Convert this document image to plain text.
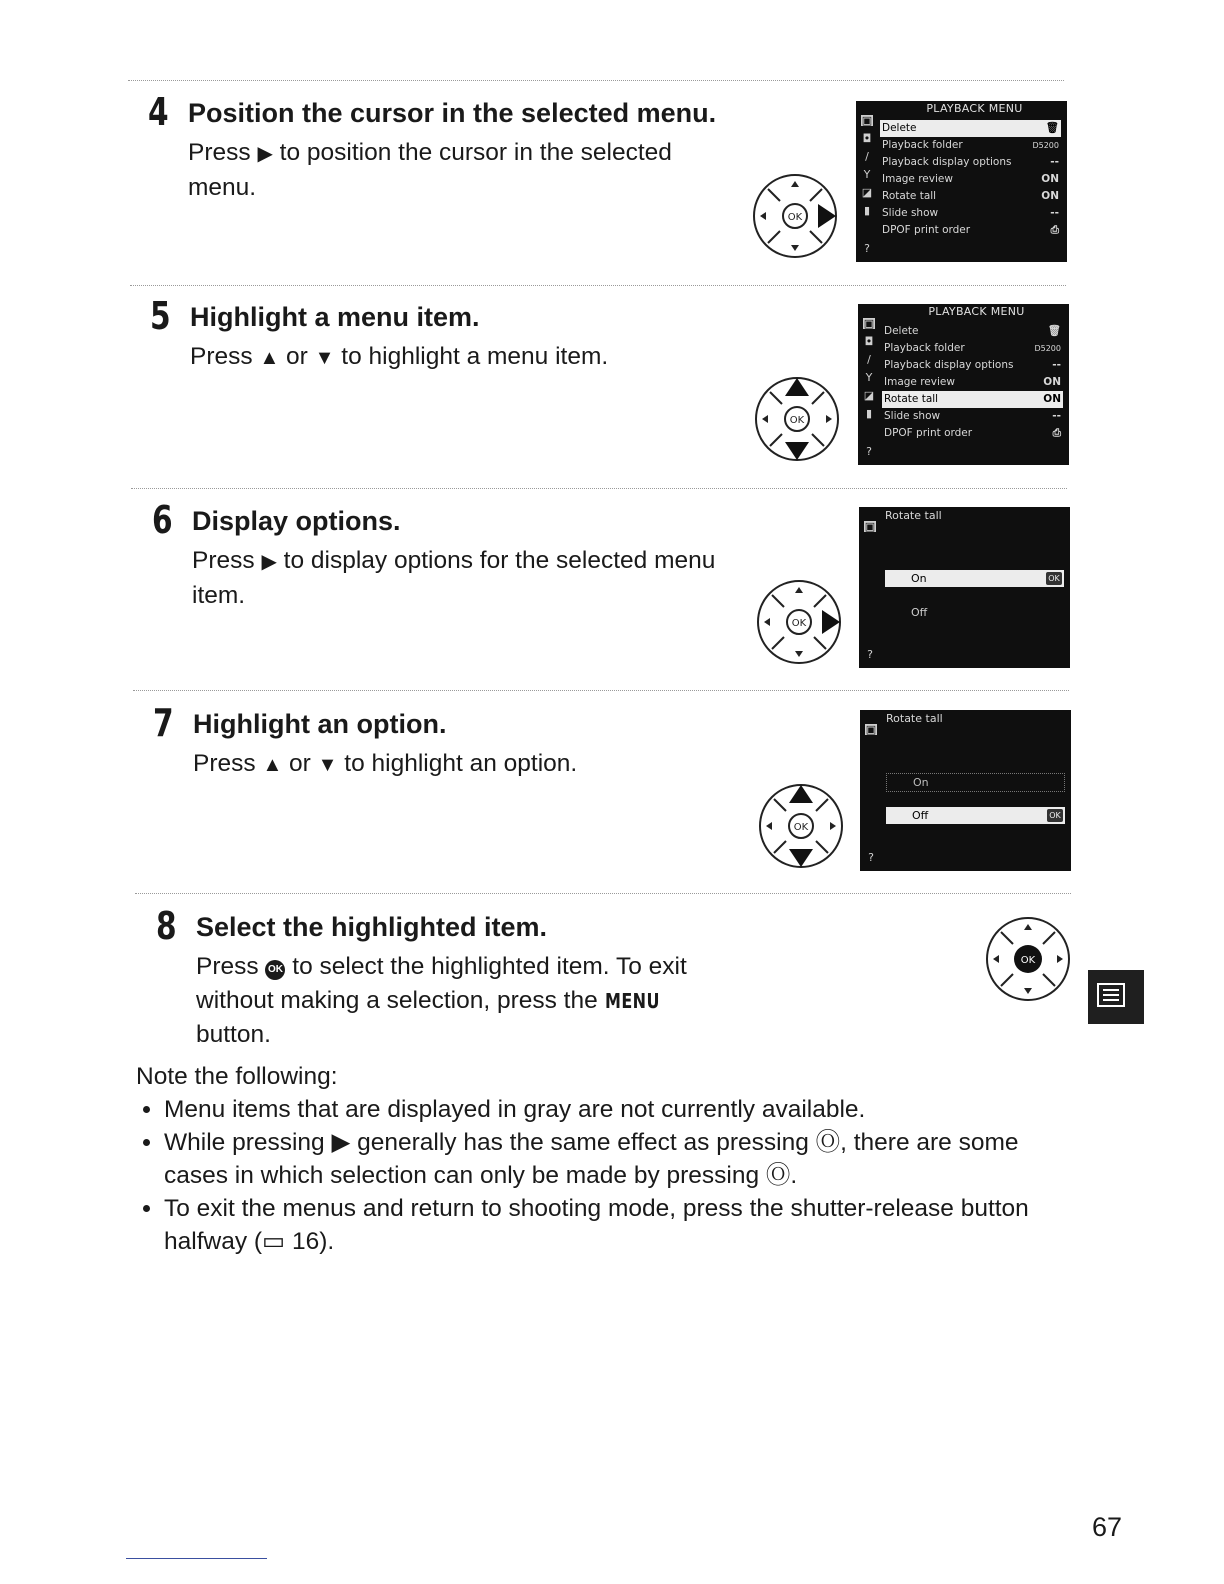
4 Position the cursor in the selected menu.
Press ▶ to position the cursor in the selected menu.
5 Highlight a menu item.
Press ▲ or ▼ to highlight a menu item.
6 Display options.
Press ▶ to display options for the selected menu item.
7 Highlight an option.
Press ▲ or ▼ to highlight an option.
8 Select the highlighted item.
Press OK to select the highlighted item. To exit without making a selection, press the MENU button.
OK
OK
OK
OK
OK
▣
◘
/
Y
◪
▮
?
PLAYBACK MENU
Delete	🗑
Playback folder	D5200
Playback display options	--
Image review	ON
Rotate tall	ON
Slide show	--
DPOF print order	⎙
▣
◘
/
Y
◪
▮
?
PLAYBACK MENU
Delete	🗑
Playback folder	D5200
Playback display options	--
Image review	ON
Rotate tall	ON
Slide show	--
DPOF print order	⎙
▣
?
Rotate tall
On	OK
Off
▣
?
Rotate tall
On
Off	OK
Note the following:
• Menu items that are displayed in gray are not currently available.
• While pressing ▶ generally has the same effect as pressing Ⓞ, there are some cases in which selection can only be made by pressing Ⓞ.
• To exit the menus and return to shooting mode, press the shutter-release button halfway (▭ 16).
67
